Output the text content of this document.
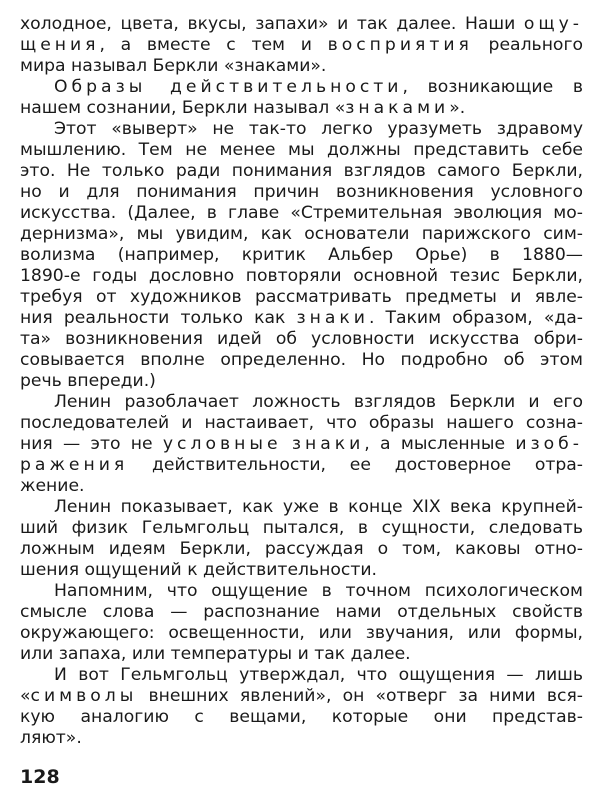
холодное, цвета, вкусы, запахи» и так далее. Наши ощу-
щения, а вместе с тем и восприятия реального
мира называл Беркли «знаками».
Образы действительности, возникающие в
нашем сознании, Беркли называл «знаками».
Этот «выверт» не так-то легко уразуметь здравому
мышлению. Тем не менее мы должны представить себе
это. Не только ради понимания взглядов самого Беркли,
но и для понимания причин возникновения условного
искусства. (Далее, в главе «Стремительная эволюция мо-
дернизма», мы увидим, как основатели парижского сим-
волизма (например, критик Альбер Орье) в 1880—
1890-е годы дословно повторяли основной тезис Беркли,
требуя от художников рассматривать предметы и явле-
ния реальности только как знаки. Таким образом, «да-
та» возникновения идей об условности искусства обри-
совывается вполне определенно. Но подробно об этом
речь впереди.)
Ленин разоблачает ложность взглядов Беркли и его
последователей и настаивает, что образы нашего созна-
ния — это не условные знаки, а мысленные изоб-
ражения действительности, ее достоверное отра-
жение.
Ленин показывает, как уже в конце XIX века крупней-
ший физик Гельмгольц пытался, в сущности, следовать
ложным идеям Беркли, рассуждая о том, каковы отно-
шения ощущений к действительности.
Напомним, что ощущение в точном психологическом
смысле слова — распознание нами отдельных свойств
окружающего: освещенности, или звучания, или формы,
или запаха, или температуры и так далее.
И вот Гельмгольц утверждал, что ощущения — лишь
«символы внешних явлений», он «отверг за ними вся-
кую аналогию с вещами, которые они представ-
ляют».
128
